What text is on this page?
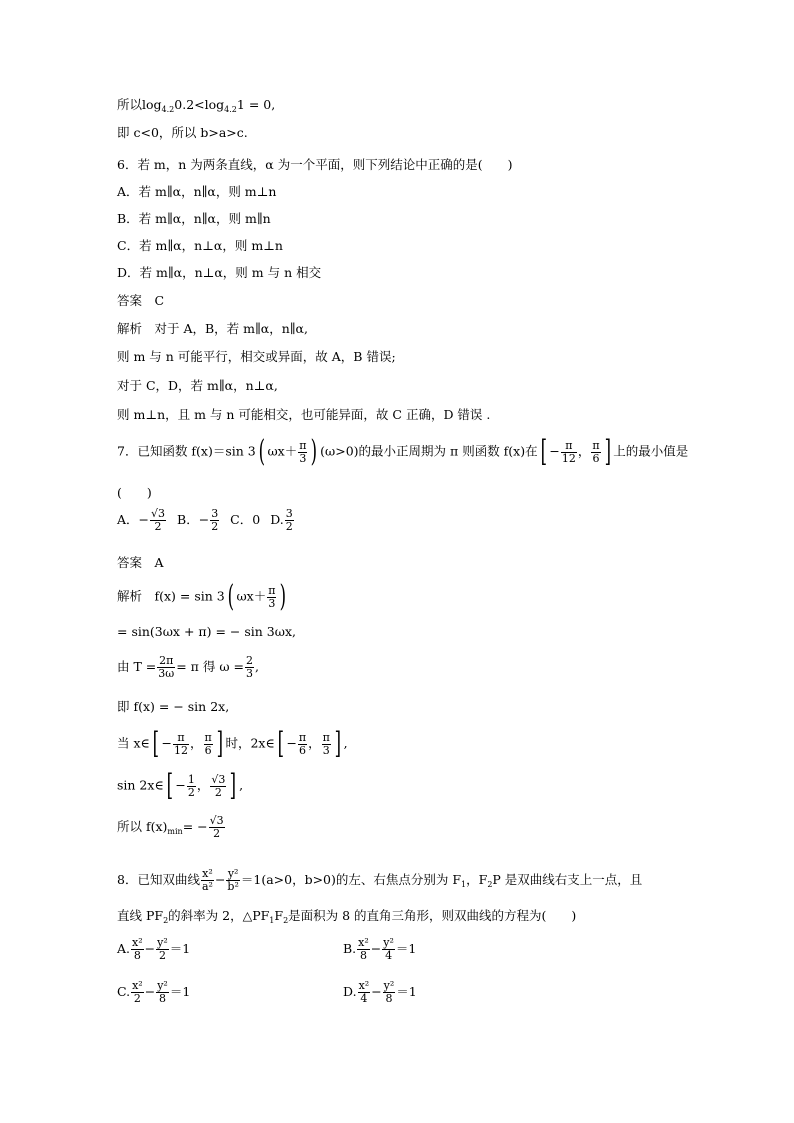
所以$\log_{4.2}0.2<\log_{4.2}1 = 0$,
即 c<0，所以 b>a>c.
6．若 m，n 为两条直线，α 为一个平面，则下列结论中正确的是(　　)
A．若 m∥α，n∥α，则 m⊥n
B．若 m∥α，n∥α，则 m∥n
C．若 m∥α，n⊥α，则 m⊥n
D．若 m∥α，n⊥α，则 m 与 n 相交
答案　C
解析　对于 A，B，若 m∥α，n∥α,
则 m 与 n 可能平行，相交或异面，故 A，B 错误;
对于 C，D，若 m∥α，n⊥α,
则 m⊥n，且 m 与 n 可能相交，也可能异面，故 C 正确，D 错误 .
7．已知函数 f(x)＝sin 3( $\omega x+ \frac{\pi}{3}$ ) (ω>0)的最小正周期为 π 则函数 f(x)在[ − $\frac{\pi}{12}$ ， $\frac{\pi}{6}$ ] 上的最小值是
(　　)
A．− $\frac{√3}{2}$ B．− $\frac{3}{2}$ C．0 D. $\frac{3}{2}$
答案　A
解析　f(x) = sin 3( $\omega x+ \frac{\pi}{3}$ )
= sin(3ωx + π) = − sin 3ωx,
由 $T = \frac{2\pi}{3\omega} = \pi$ 得 $\omega = \frac{2}{3}$ ,
即 f(x) = − sin 2x,
当 x∈[ − $\frac{\pi}{12}$ ， $\frac{\pi}{6}$ ] 时，2x∈[ − $\frac{\pi}{6}$ ， $\frac{\pi}{3}$ ] ,
sin 2x∈[ − $\frac{1}{2}$ ， $\frac{√3}{2}$ ] ,
所以 $f(x)_{min}= - \frac{√3}{2}$
8．已知双曲线 $\frac{\text{x²}}{\text{a²}} - \frac{\text{y²}}{\text{b²}} =1(a>0$，b>0)的左、右焦点分别为 $F_1$，$F_2P$ 是双曲线右支上一点，且
直线 $PF_2$的斜率为 2，$\triangle PF_1F_2$是面积为 8 的直角三角形，则双曲线的方程为(　　)
A. $\frac{\text{x²}}{8} - \frac{\text{y²}}{2} =1$	B. $\frac{\text{x²}}{8} - \frac{\text{y²}}{4} =1$
C. $\frac{\text{x²}}{2} - \frac{\text{y²}}{8} =1$	D. $\frac{\text{x²}}{4} - \frac{\text{y²}}{8} =1$
